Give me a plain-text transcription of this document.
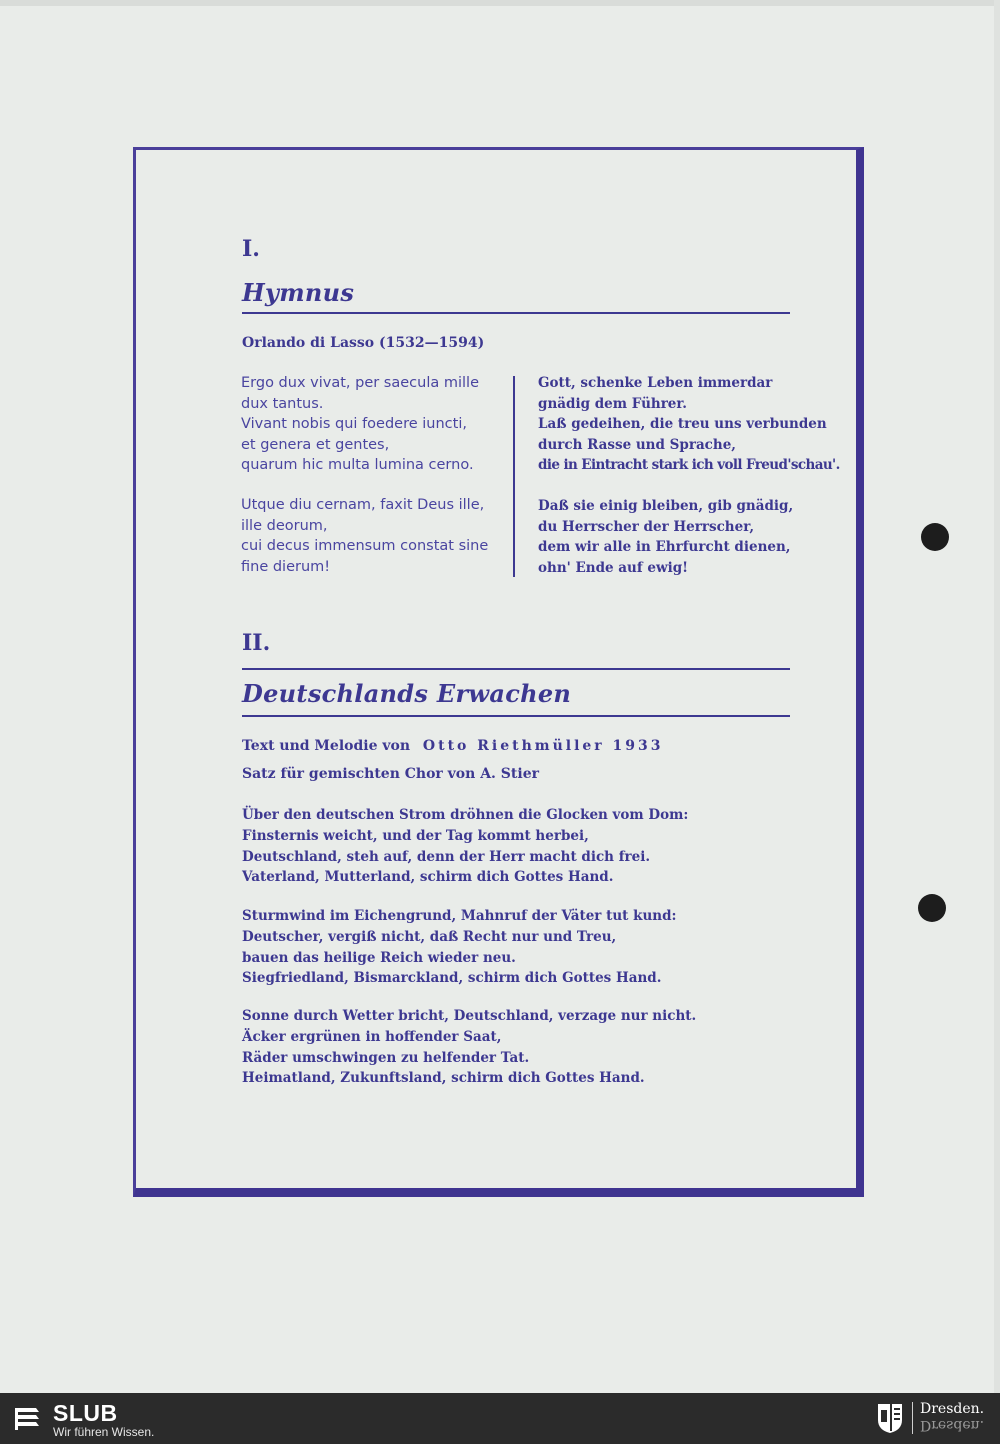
I.
Hymnus
Orlando di Lasso (1532—1594)
Ergo dux vivat, per saecula mille
dux tantus.
Vivant nobis qui foedere iuncti,
et genera et gentes,
quarum hic multa lumina cerno.
Utque diu cernam, faxit Deus ille,
ille deorum,
cui decus immensum constat sine
fine dierum!
Gott, schenke Leben immerdar
gnädig dem Führer.
Laß gedeihen, die treu uns verbunden
durch Rasse und Sprache,
die in Eintracht stark ich voll Freud'schau'.
Daß sie einig bleiben, gib gnädig,
du Herrscher der Herrscher,
dem wir alle in Ehrfurcht dienen,
ohn' Ende auf ewig!
II.
Deutschlands Erwachen
Text und Melodie von Otto Riethmüller 1933
Satz für gemischten Chor von A. Stier
Über den deutschen Strom dröhnen die Glocken vom Dom:
Finsternis weicht, und der Tag kommt herbei,
Deutschland, steh auf, denn der Herr macht dich frei.
Vaterland, Mutterland, schirm dich Gottes Hand.
Sturmwind im Eichengrund, Mahnruf der Väter tut kund:
Deutscher, vergiß nicht, daß Recht nur und Treu,
bauen das heilige Reich wieder neu.
Siegfriedland, Bismarckland, schirm dich Gottes Hand.
Sonne durch Wetter bricht, Deutschland, verzage nur nicht.
Äcker ergrünen in hoffender Saat,
Räder umschwingen zu helfender Tat.
Heimatland, Zukunftsland, schirm dich Gottes Hand.
SLUB
Wir führen Wissen.
Dresden.
Dresden.
